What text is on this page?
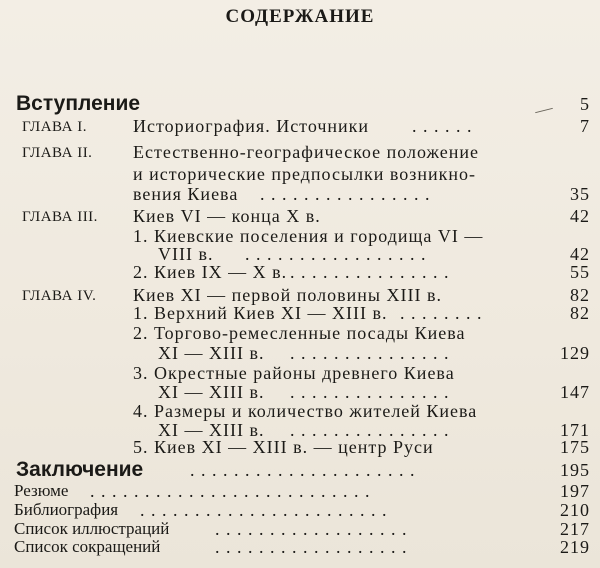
СОДЕРЖАНИЕ
Вступление	5
ГЛАВА I.	Историография. Источники . . . . . .	7
ГЛАВА II. Естественно-географическое положение
и исторические предпосылки возникно-
вения Киева . . . . . . . . . . . . . . . .	35
ГЛАВА III. Киев VI — конца X в.	42
1. Киевские поселения и городища VI —
VIII в. . . . . . . . . . . . . . . . . .	42
2. Киев IX — X в. . . . . . . . . . . . . . . .	55
ГЛАВА IV. Киев XI — первой половины XIII в.	82
1. Верхний Киев XI — XIII в. . . . . . . . .	82
2. Торгово-ремесленные посады Киева
XI — XIII в. . . . . . . . . . . . . . . .	129
3. Окрестные районы древнего Киева
XI — XIII в. . . . . . . . . . . . . . . .	147
4. Размеры и количество жителей Киева
XI — XIII в. . . . . . . . . . . . . . . .	171
5. Киев XI — XIII в. — центр Руси	175
Заключение	. . . . . . . . . . . . . . . . . . . . .	195
Резюме . . . . . . . . . . . . . . . . . . . . . . . . . .	197
Библиография . . . . . . . . . . . . . . . . . . . . . . .	210
Список иллюстраций	. . . . . . . . . . . . . . . . . .	217
Список сокращений	. . . . . . . . . . . . . . . . . .	219
